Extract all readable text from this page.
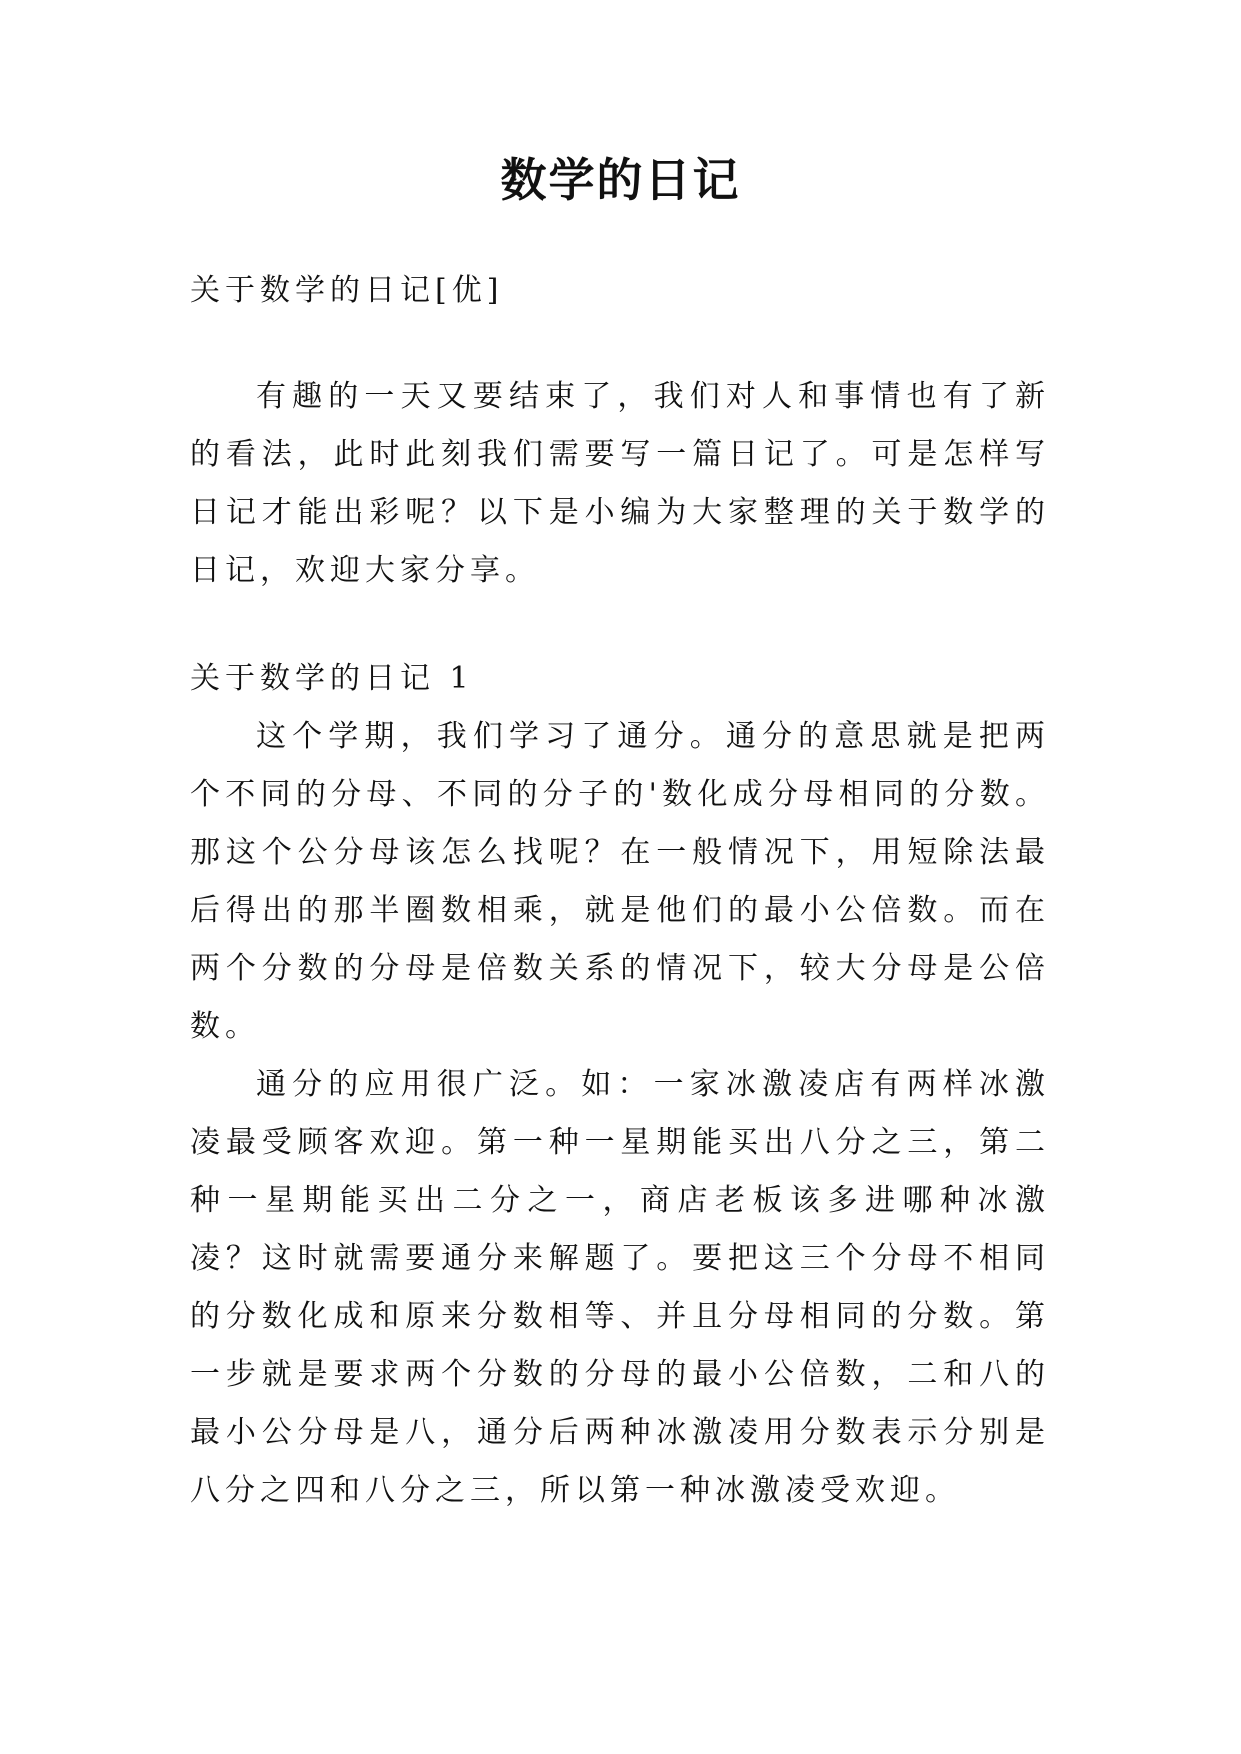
数学的日记

关于数学的日记[优]

有趣的一天又要结束了，我们对人和事情也有了新的看法，此时此刻我们需要写一篇日记了。可是怎样写日记才能出彩呢？以下是小编为大家整理的关于数学的日记，欢迎大家分享。

关于数学的日记 1

这个学期，我们学习了通分。通分的意思就是把两个不同的分母、不同的分子的'数化成分母相同的分数。那这个公分母该怎么找呢？在一般情况下，用短除法最后得出的那半圈数相乘，就是他们的最小公倍数。而在两个分数的分母是倍数关系的情况下，较大分母是公倍数。

通分的应用很广泛。如：一家冰激凌店有两样冰激凌最受顾客欢迎。第一种一星期能买出八分之三，第二种一星期能买出二分之一，商店老板该多进哪种冰激凌？这时就需要通分来解题了。要把这三个分母不相同的分数化成和原来分数相等、并且分母相同的分数。第一步就是要求两个分数的分母的最小公倍数，二和八的最小公分母是八，通分后两种冰激凌用分数表示分别是八分之四和八分之三，所以第一种冰激凌受欢迎。
